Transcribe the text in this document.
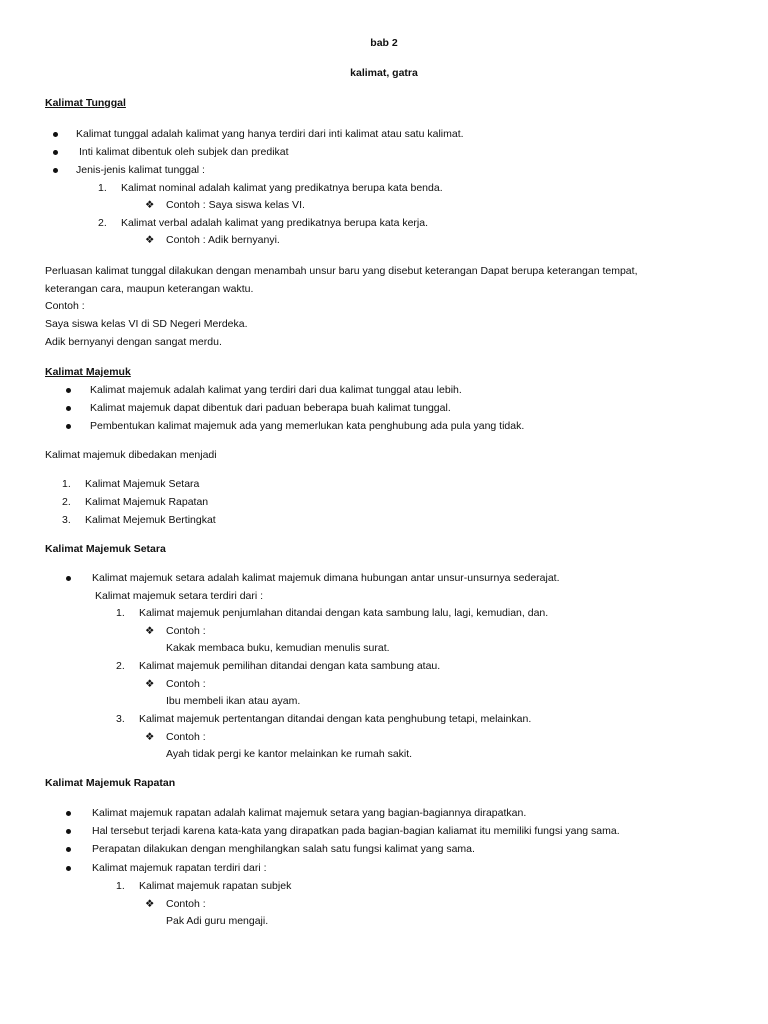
bab 2
kalimat, gatra
Kalimat Tunggal
Kalimat tunggal adalah kalimat yang hanya terdiri dari inti kalimat atau satu kalimat.
Inti kalimat dibentuk oleh subjek dan predikat
Jenis-jenis kalimat tunggal :
1. Kalimat nominal adalah kalimat yang predikatnya berupa kata benda.
❖ Contoh : Saya siswa kelas VI.
2. Kalimat verbal adalah kalimat yang predikatnya berupa kata kerja.
❖ Contoh : Adik bernyanyi.
Perluasan kalimat tunggal dilakukan dengan menambah unsur baru yang disebut keterangan Dapat berupa keterangan tempat,
keterangan cara, maupun keterangan waktu.
Contoh :
Saya siswa kelas VI di SD Negeri Merdeka.
Adik bernyanyi dengan sangat merdu.
Kalimat Majemuk
Kalimat majemuk adalah kalimat yang terdiri dari dua kalimat tunggal atau lebih.
Kalimat majemuk dapat dibentuk dari paduan beberapa buah kalimat tunggal.
Pembentukan kalimat majemuk ada yang memerlukan kata penghubung ada pula yang tidak.
Kalimat majemuk dibedakan menjadi
1. Kalimat Majemuk Setara
2. Kalimat Majemuk Rapatan
3. Kalimat Mejemuk Bertingkat
Kalimat Majemuk Setara
Kalimat majemuk setara adalah kalimat majemuk dimana hubungan antar unsur-unsurnya sederajat.
Kalimat majemuk setara terdiri dari :
1. Kalimat majemuk penjumlahan ditandai dengan kata sambung lalu, lagi, kemudian, dan.
❖ Contoh :
Kakak membaca buku, kemudian menulis surat.
2. Kalimat majemuk pemilihan ditandai dengan kata sambung atau.
❖ Contoh :
Ibu membeli ikan atau ayam.
3. Kalimat majemuk pertentangan ditandai dengan kata penghubung tetapi, melainkan.
❖ Contoh :
Ayah tidak pergi ke kantor melainkan ke rumah sakit.
Kalimat Majemuk Rapatan
Kalimat majemuk rapatan adalah kalimat majemuk setara yang bagian-bagiannya dirapatkan.
Hal tersebut terjadi karena kata-kata yang dirapatkan pada bagian-bagian kaliamat itu memiliki fungsi yang sama.
Perapatan dilakukan dengan menghilangkan salah satu fungsi kalimat yang sama.
Kalimat majemuk rapatan terdiri dari :
1. Kalimat majemuk rapatan subjek
❖ Contoh :
Pak Adi guru mengaji.
